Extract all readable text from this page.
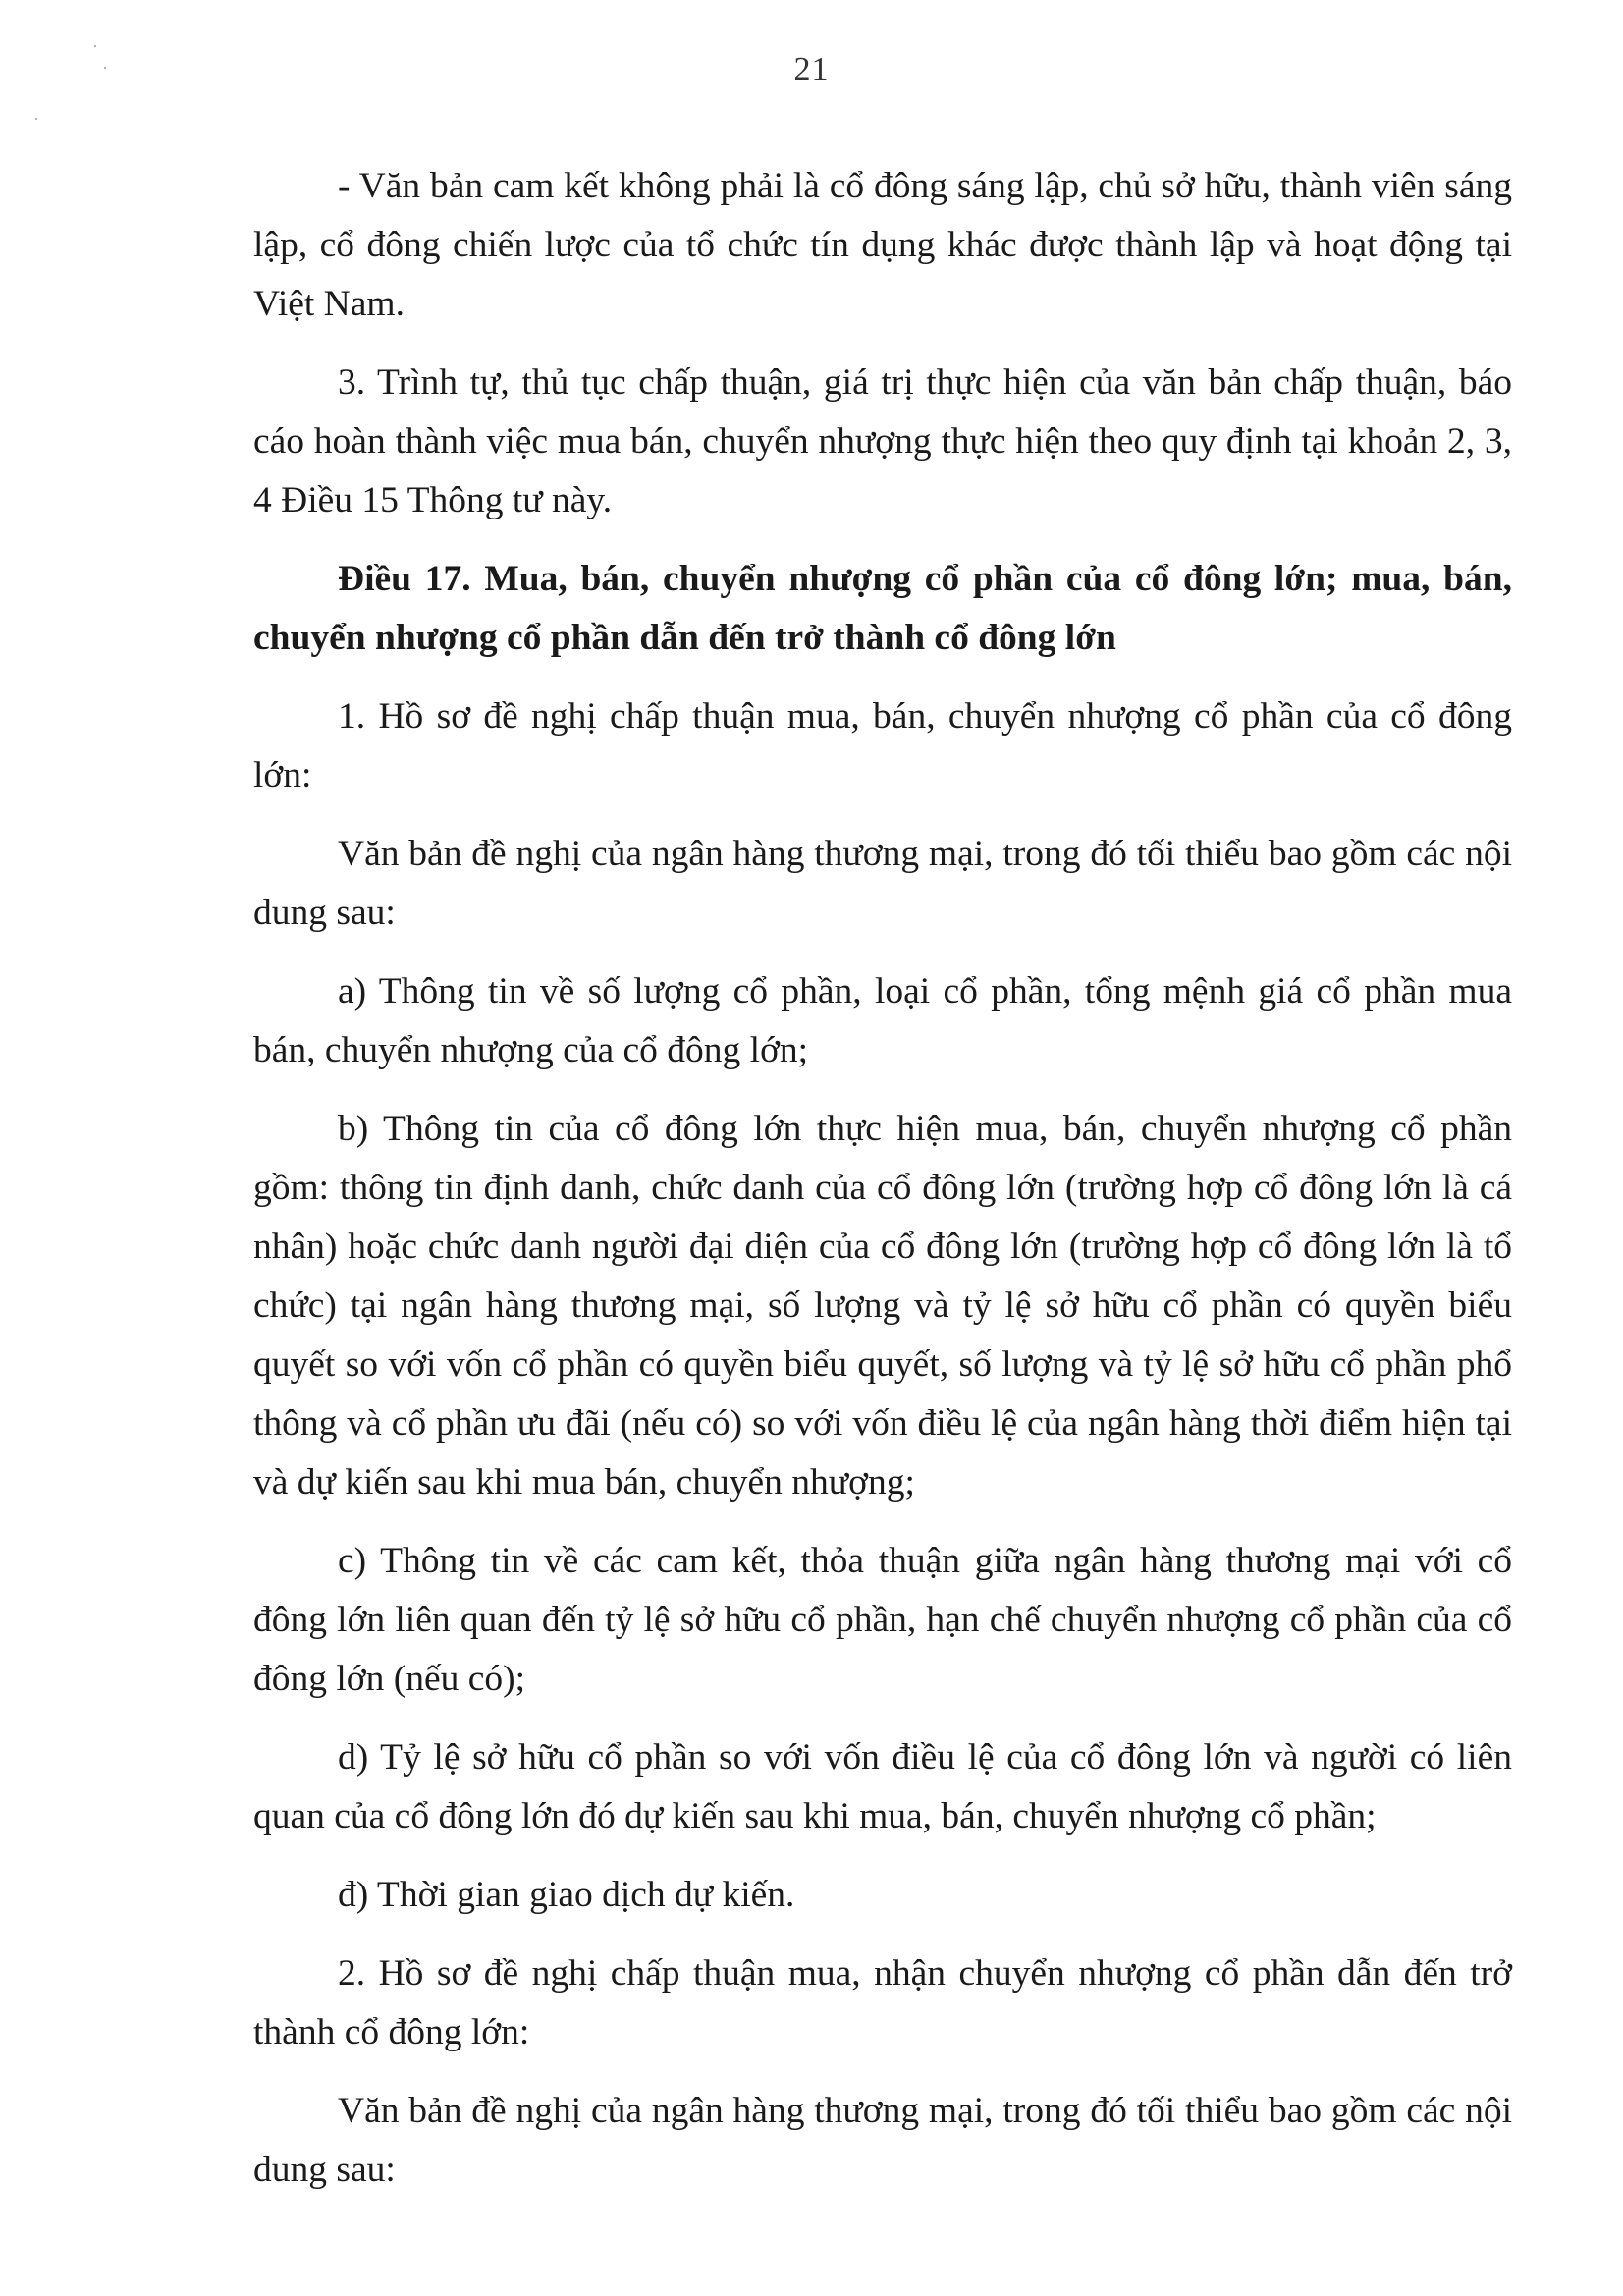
21

- Văn bản cam kết không phải là cổ đông sáng lập, chủ sở hữu, thành viên sáng lập, cổ đông chiến lược của tổ chức tín dụng khác được thành lập và hoạt động tại Việt Nam.

3. Trình tự, thủ tục chấp thuận, giá trị thực hiện của văn bản chấp thuận, báo cáo hoàn thành việc mua bán, chuyển nhượng thực hiện theo quy định tại khoản 2, 3, 4 Điều 15 Thông tư này.

Điều 17. Mua, bán, chuyển nhượng cổ phần của cổ đông lớn; mua, bán, chuyển nhượng cổ phần dẫn đến trở thành cổ đông lớn

1. Hồ sơ đề nghị chấp thuận mua, bán, chuyển nhượng cổ phần của cổ đông lớn:

Văn bản đề nghị của ngân hàng thương mại, trong đó tối thiểu bao gồm các nội dung sau:

a) Thông tin về số lượng cổ phần, loại cổ phần, tổng mệnh giá cổ phần mua bán, chuyển nhượng của cổ đông lớn;

b) Thông tin của cổ đông lớn thực hiện mua, bán, chuyển nhượng cổ phần gồm: thông tin định danh, chức danh của cổ đông lớn (trường hợp cổ đông lớn là cá nhân) hoặc chức danh người đại diện của cổ đông lớn (trường hợp cổ đông lớn là tổ chức) tại ngân hàng thương mại, số lượng và tỷ lệ sở hữu cổ phần có quyền biểu quyết so với vốn cổ phần có quyền biểu quyết, số lượng và tỷ lệ sở hữu cổ phần phổ thông và cổ phần ưu đãi (nếu có) so với vốn điều lệ của ngân hàng thời điểm hiện tại và dự kiến sau khi mua bán, chuyển nhượng;

c) Thông tin về các cam kết, thỏa thuận giữa ngân hàng thương mại với cổ đông lớn liên quan đến tỷ lệ sở hữu cổ phần, hạn chế chuyển nhượng cổ phần của cổ đông lớn (nếu có);

d) Tỷ lệ sở hữu cổ phần so với vốn điều lệ của cổ đông lớn và người có liên quan của cổ đông lớn đó dự kiến sau khi mua, bán, chuyển nhượng cổ phần;

đ) Thời gian giao dịch dự kiến.

2. Hồ sơ đề nghị chấp thuận mua, nhận chuyển nhượng cổ phần dẫn đến trở thành cổ đông lớn:

Văn bản đề nghị của ngân hàng thương mại, trong đó tối thiểu bao gồm các nội dung sau:
